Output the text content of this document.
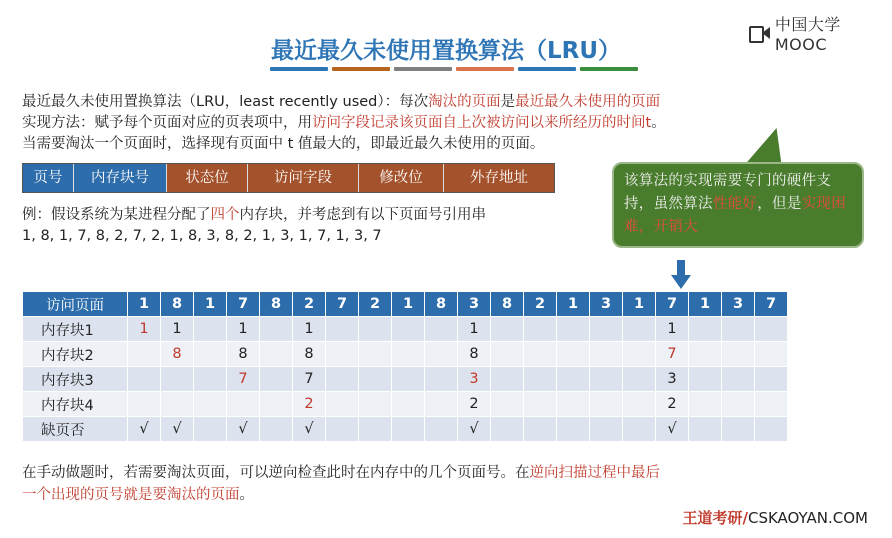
中国大学MOOC
最近最久未使用置换算法（LRU）
最近最久未使用置换算法（LRU，least recently used）：每次淘汰的页面是最近最久未使用的页面
实现方法：赋予每个页面对应的页表项中，用访问字段记录该页面自上次被访问以来所经历的时间t。
当需要淘汰一个页面时，选择现有页面中 t 值最大的，即最近最久未使用的页面。
页号	内存块号	状态位	访问字段	修改位	外存地址	该算法的实现需要专门的硬件支持，虽然算法性能好，但是实现困难，开销大
例：假设系统为某进程分配了四个内存块，并考虑到有以下页面号引用串
1, 8, 1, 7, 8, 2, 7, 2, 1, 8, 3, 8, 2, 1, 3, 1, 7, 1, 3, 7
访问页面	1	8	1	7	8	2	7	2	1	8	3	8	2	1	3	1	7	1	3	7
内存块1	1	1		1		1					1						1			
内存块2		8		8		8					8						7			
内存块3				7		7					3						3			
内存块4						2					2						2			
缺页否	√	√		√		√					√						√			
在手动做题时，若需要淘汰页面，可以逆向检查此时在内存中的几个页面号。在逆向扫描过程中最后
一个出现的页号就是要淘汰的页面。
王道考研/CSKAOYAN.COM
